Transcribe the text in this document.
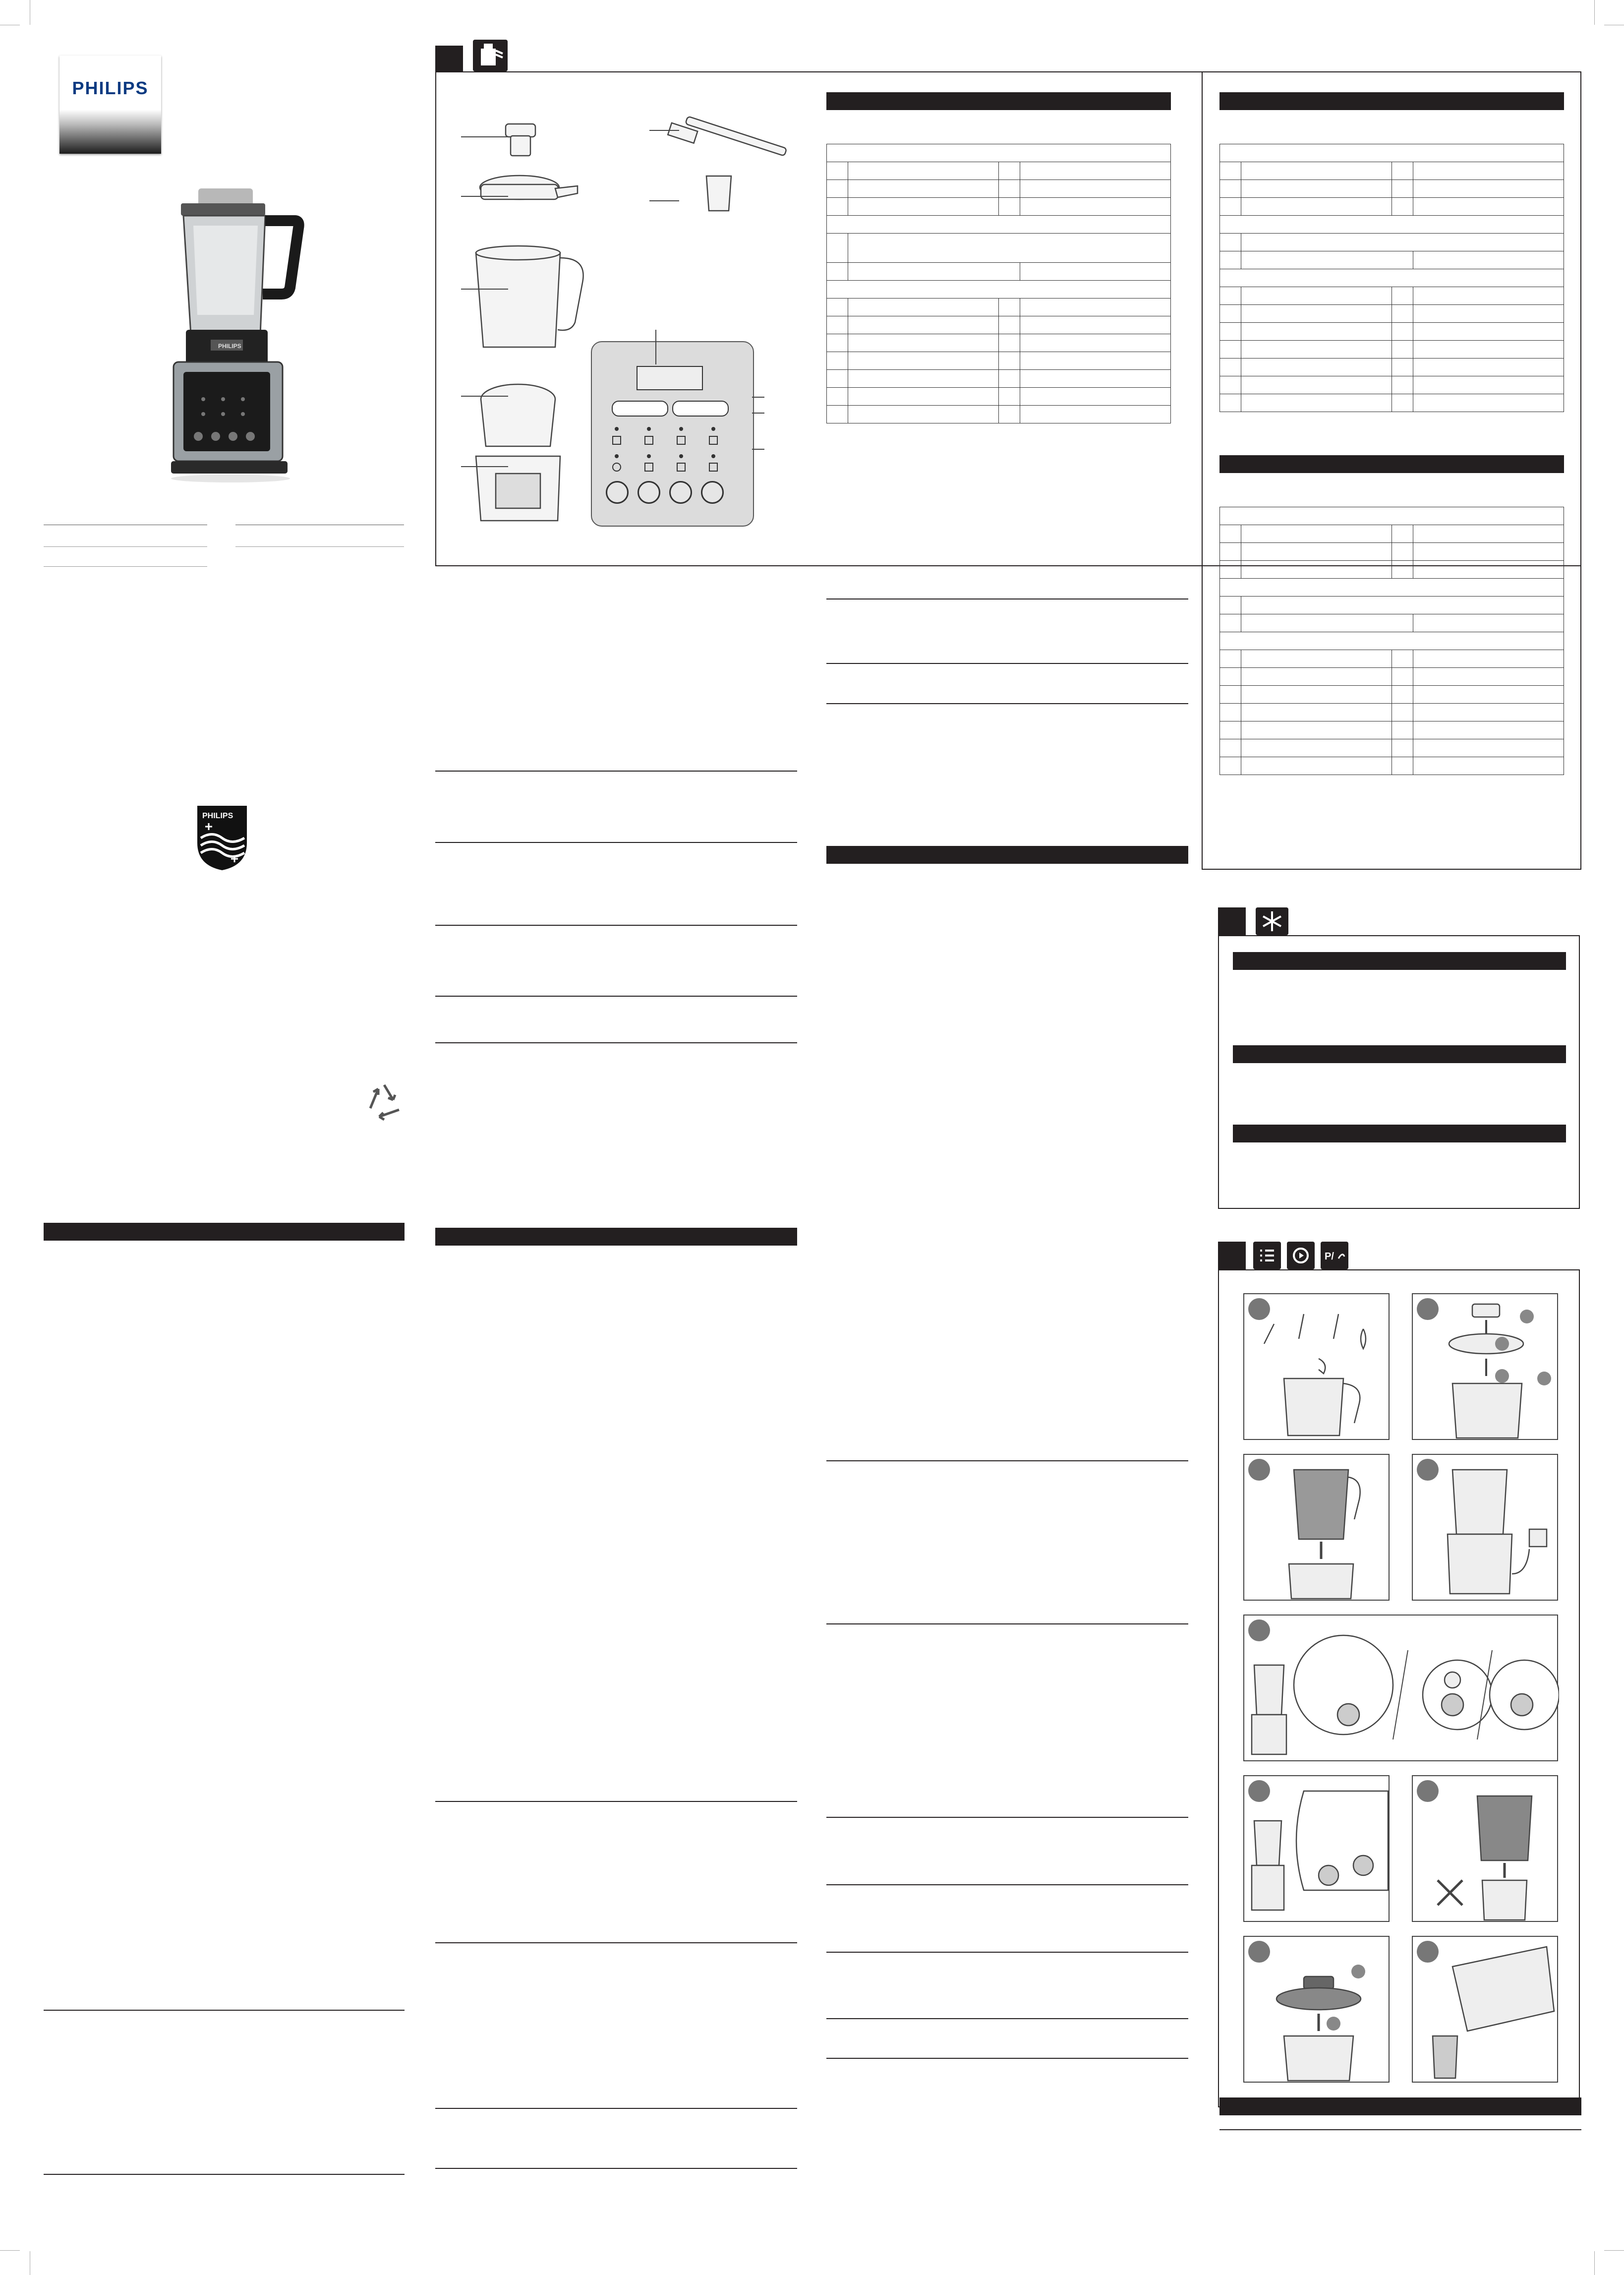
PHILIPS
PHILIPS
PHILIPS

P/
